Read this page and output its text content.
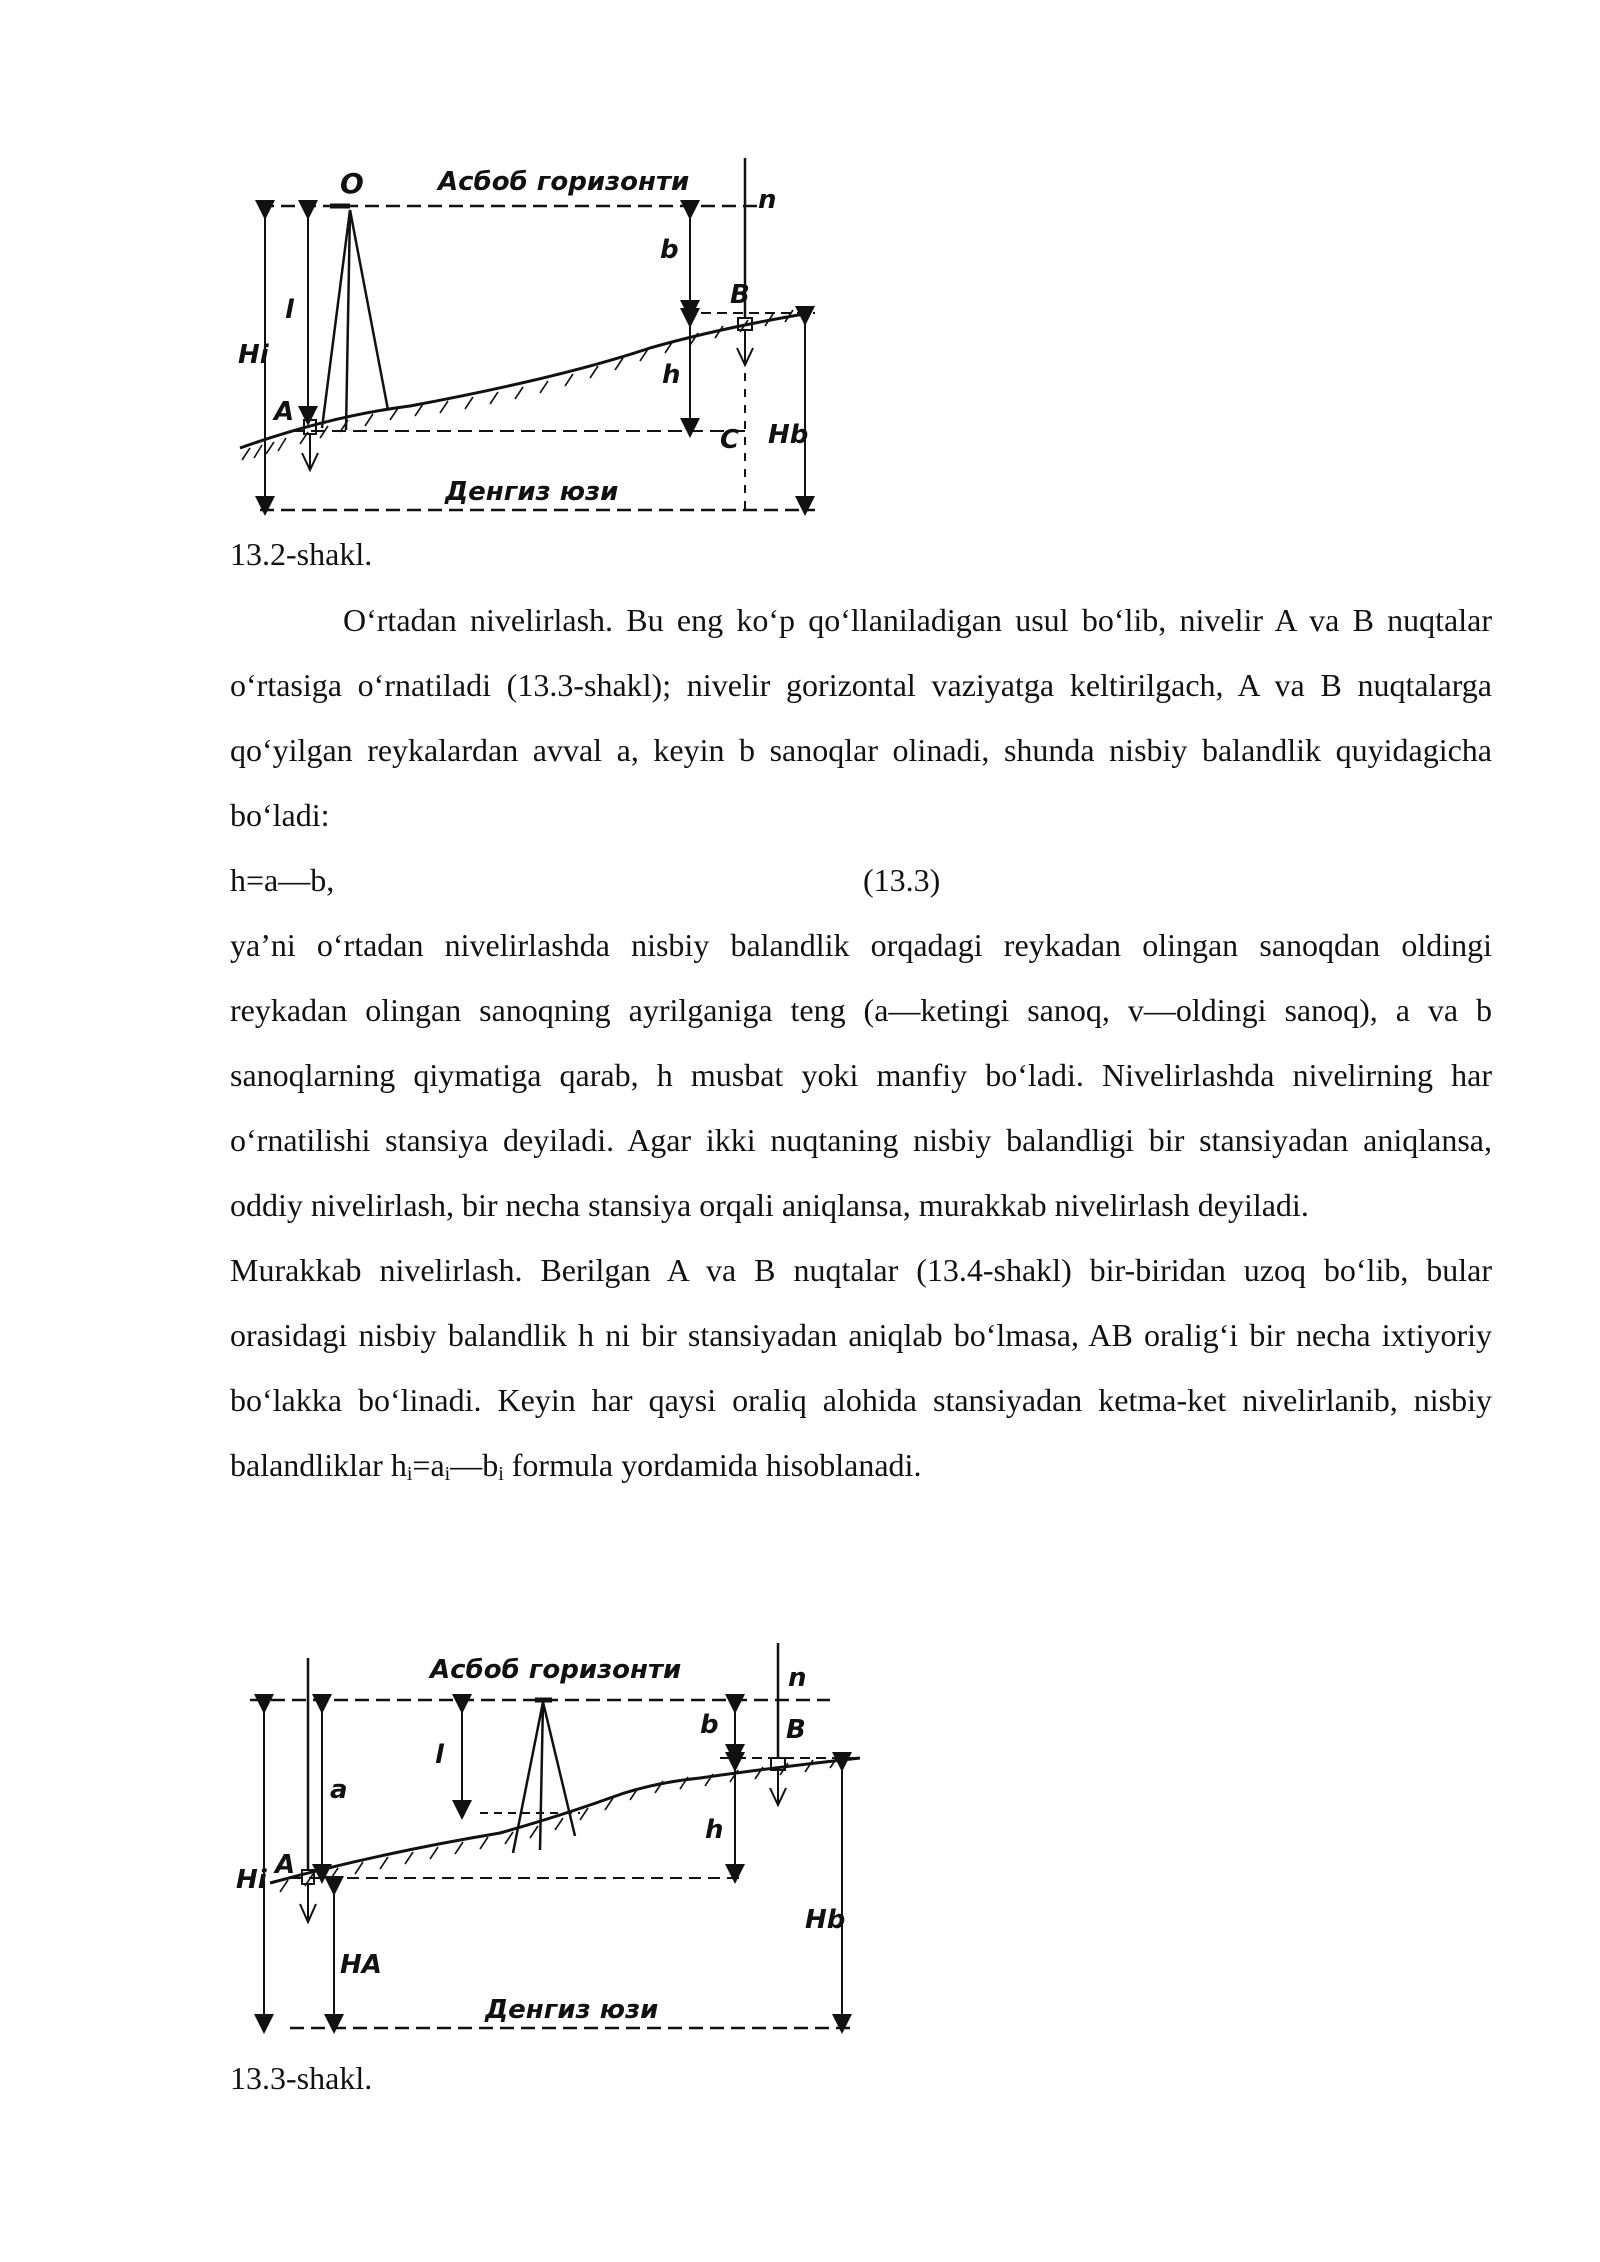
O	Асбоб горизонти
n
b
B
Hi
l
A
h
C Hb
Денгиз юзи
13.2-shakl.

O‘rtadan nivelirlash. Bu eng ko‘p qo‘llaniladigan usul bo‘lib, nivelir A va B nuqtalar o‘rtasiga o‘rnatiladi (13.3-shakl); nivelir gorizontal vaziyatga keltirilgach, A va B nuqtalarga qo‘yilgan reykalardan avval a, keyin b sanoqlar olinadi, shunda nisbiy balandlik quyidagicha bo‘ladi:

h=a—b,	(13.3)

ya’ni o‘rtadan nivelirlashda nisbiy balandlik orqadagi reykadan olingan sanoqdan oldingi reykadan olingan sanoqning ayrilganiga teng (a—ketingi sanoq, v—oldingi sanoq), a va b sanoqlarning qiymatiga qarab, h musbat yoki manfiy bo‘ladi. Nivelirlashda nivelirning har o‘rnatilishi stansiya deyiladi. Agar ikki nuqtaning nisbiy balandligi bir stansiyadan aniqlansa, oddiy nivelirlash, bir necha stansiya orqali aniqlansa, murakkab nivelirlash deyiladi.

Murakkab nivelirlash. Berilgan A va B nuqtalar (13.4-shakl) bir-biridan uzoq bo‘lib, bular orasidagi nisbiy balandlik h ni bir stansiyadan aniqlab bo‘lmasa, AB oralig‘i bir necha ixtiyoriy bo‘lakka bo‘linadi. Keyin har qaysi oraliq alohida stansiyadan ketma-ket nivelirlanib, nisbiy balandliklar $h_i=a_i—b_i$ formula yordamida hisoblanadi.

Асбоб горизонти	n
b	B
a
l
Hi A
h
HA
Hb
Денгиз юзи
13.3-shakl.
